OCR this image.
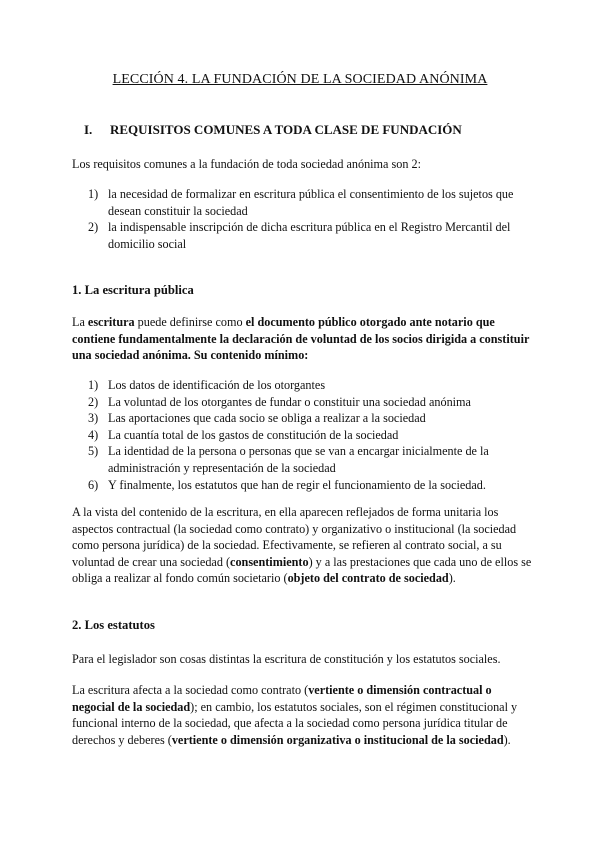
LECCIÓN 4. LA FUNDACIÓN DE LA SOCIEDAD ANÓNIMA
I. REQUISITOS COMUNES A TODA CLASE DE FUNDACIÓN

Los requisitos comunes a la fundación de toda sociedad anónima son 2:

1) la necesidad de formalizar en escritura pública el consentimiento de los sujetos que desean constituir la sociedad
2) la indispensable inscripción de dicha escritura pública en el Registro Mercantil del domicilio social
1. La escritura pública

La escritura puede definirse como el documento público otorgado ante notario que contiene fundamentalmente la declaración de voluntad de los socios dirigida a constituir una sociedad anónima. Su contenido mínimo:

1) Los datos de identificación de los otorgantes
2) La voluntad de los otorgantes de fundar o constituir una sociedad anónima
3) Las aportaciones que cada socio se obliga a realizar a la sociedad
4) La cuantía total de los gastos de constitución de la sociedad
5) La identidad de la persona o personas que se van a encargar inicialmente de la administración y representación de la sociedad
6) Y finalmente, los estatutos que han de regir el funcionamiento de la sociedad.

A la vista del contenido de la escritura, en ella aparecen reflejados de forma unitaria los aspectos contractual (la sociedad como contrato) y organizativo o institucional (la sociedad como persona jurídica) de la sociedad. Efectivamente, se refieren al contrato social, a su voluntad de crear una sociedad (consentimiento) y a las prestaciones que cada uno de ellos se obliga a realizar al fondo común societario (objeto del contrato de sociedad).

2. Los estatutos

Para el legislador son cosas distintas la escritura de constitución y los estatutos sociales.

La escritura afecta a la sociedad como contrato (vertiente o dimensión contractual o negocial de la sociedad); en cambio, los estatutos sociales, son el régimen constitucional y funcional interno de la sociedad, que afecta a la sociedad como persona jurídica titular de derechos y deberes (vertiente o dimensión organizativa o institucional de la sociedad).
